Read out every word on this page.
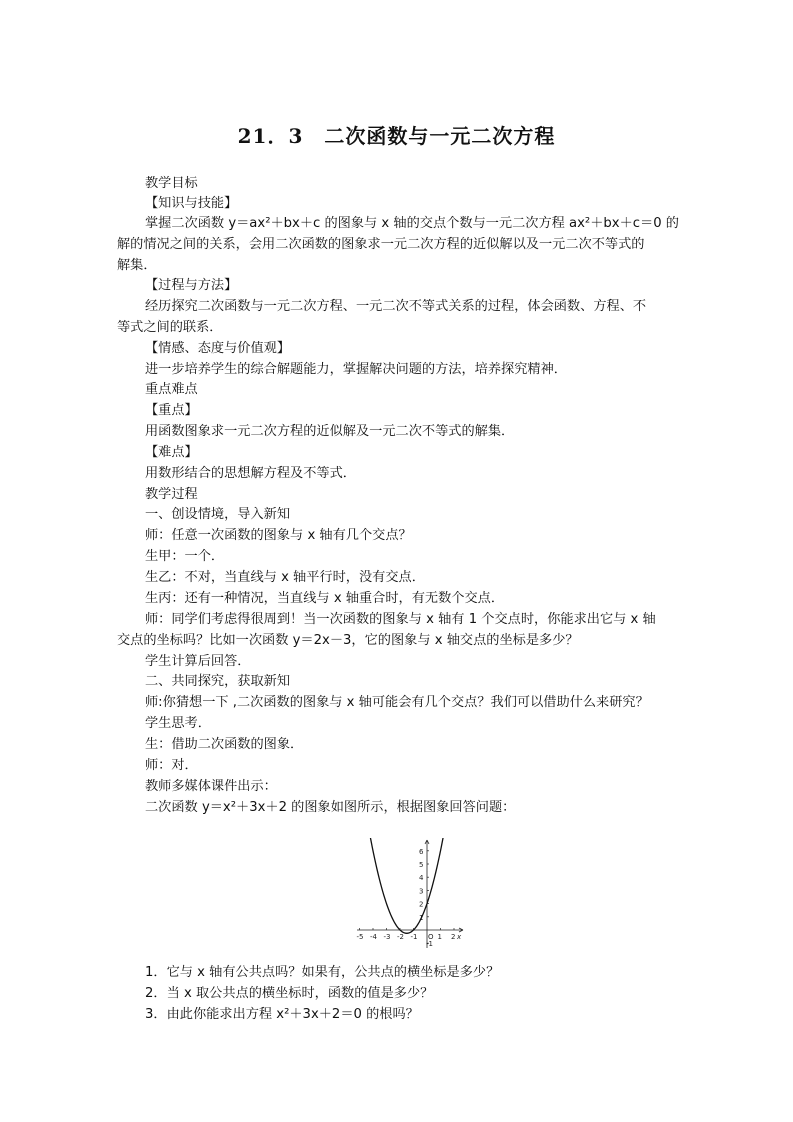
21．3　二次函数与一元二次方程
教学目标
【知识与技能】
掌握二次函数 y＝ax²＋bx＋c 的图象与 x 轴的交点个数与一元二次方程 ax²＋bx＋c＝0 的
解的情况之间的关系，会用二次函数的图象求一元二次方程的近似解以及一元二次不等式的
解集．
【过程与方法】
经历探究二次函数与一元二次方程、一元二次不等式关系的过程，体会函数、方程、不
等式之间的联系．
【情感、态度与价值观】
进一步培养学生的综合解题能力，掌握解决问题的方法，培养探究精神．
重点难点
【重点】
用函数图象求一元二次方程的近似解及一元二次不等式的解集．
【难点】
用数形结合的思想解方程及不等式．
教学过程
一、创设情境，导入新知
师：任意一次函数的图象与 x 轴有几个交点？
生甲：一个．
生乙：不对，当直线与 x 轴平行时，没有交点．
生丙：还有一种情况，当直线与 x 轴重合时，有无数个交点．
师：同学们考虑得很周到！当一次函数的图象与 x 轴有 1 个交点时，你能求出它与 x 轴
交点的坐标吗？比如一次函数 y＝2x－3，它的图象与 x 轴交点的坐标是多少？
学生计算后回答．
二、共同探究，获取新知
师:你猜想一下 ,二次函数的图象与 x 轴可能会有几个交点？我们可以借助什么来研究？
学生思考．
生：借助二次函数的图象．
师：对．
教师多媒体课件出示：
二次函数 y＝x²＋3x＋2 的图象如图所示，根据图象回答问题：
-5 -4 -3 -2 -1 O 1 2 x
6
5
4
3
2
1
-1
1．它与 x 轴有公共点吗？如果有，公共点的横坐标是多少？
2．当 x 取公共点的横坐标时，函数的值是多少？
3．由此你能求出方程 x²＋3x＋2＝0 的根吗？
